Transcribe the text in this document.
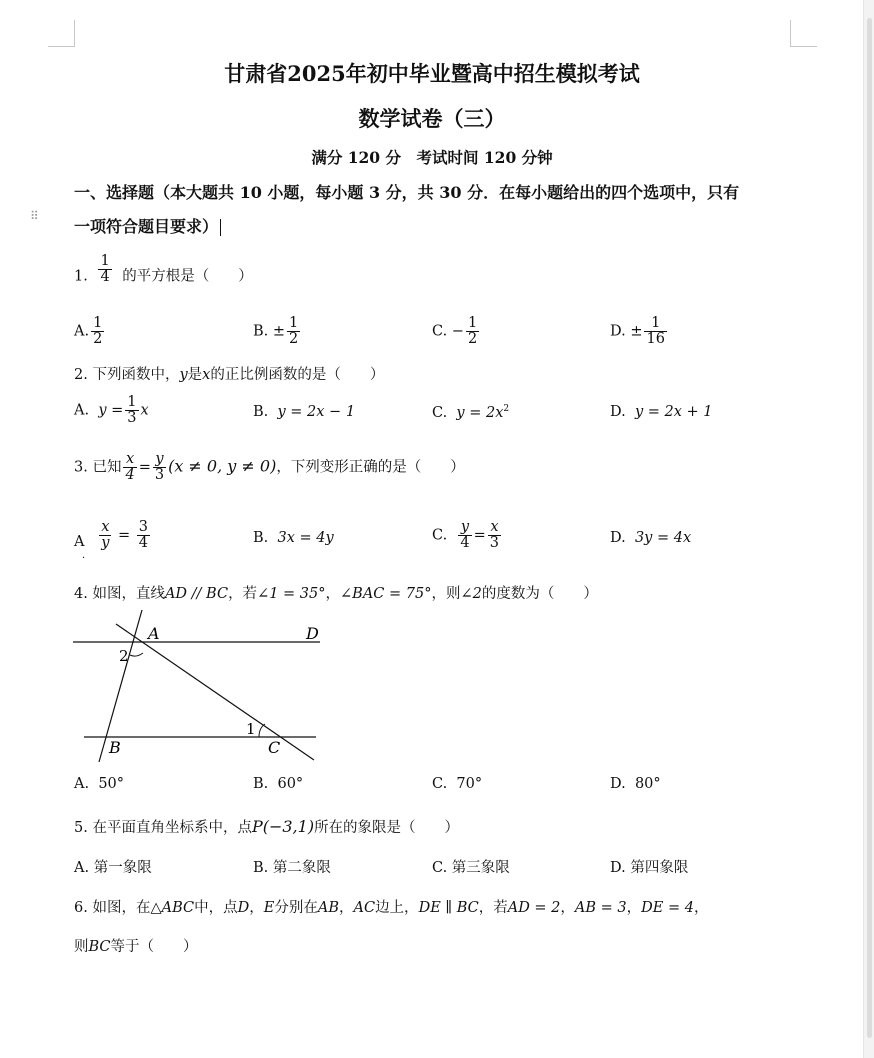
⠿
甘肃省2025年初中毕业暨高中招生模拟考试
数学试卷（三）
满分 120 分　考试时间 120 分钟
一、选择题（本大题共 10 小题，每小题 3 分，共 30 分．在每小题给出的四个选项中，只有
一项符合题目要求）
1. $\frac{1}{4}$ 的平方根是（　　）
A. $\frac{1}{2}$	B. ± $\frac{1}{2}$	C. − $\frac{1}{2}$	D. ± $\frac{1}{16}$
2. 下列函数中，y是x的正比例函数的是（　　）
A. $y = \frac{1}{3}$ x	B. y = 2x − 1	C. $y = 2x^2$	D. y = 2x + 1
3. 已知 $\frac{x}{4} = \frac{y}{3} (x \ne 0$, y ≠ 0)，下列变形正确的是（　　）
A
．

$\frac{x}{y} = \frac{3}{4}$	B. 3x = 4y	C. $\frac{y}{4} = \frac{x}{3}$	D. 3y = 4x
4. 如图，直线AD // BC，若∠1 = 35°，∠BAC = 75°，则∠2的度数为（　　）
A	D
B	C
1
2
A. 50°	B. 60°	C. 70°	D. 80°
5. 在平面直角坐标系中，点P(−3,1)所在的象限是（　　）
A. 第一象限	B. 第二象限	C. 第三象限	D. 第四象限
6. 如图，在△ABC中，点D，E分别在AB，AC边上，DE ∥ BC，若AD = 2，AB = 3，DE = 4，
则BC等于（　　）
